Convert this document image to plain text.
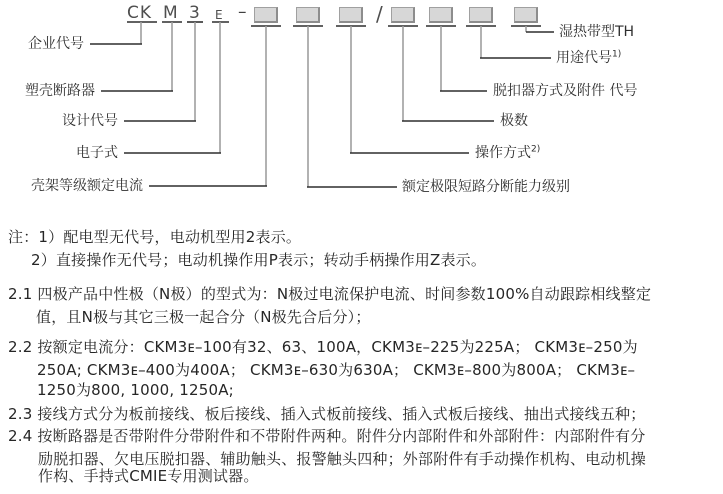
CK M 3 E –	/
企业代号
塑壳断路器
设计代号
电子式
壳架等级额定电流
湿热带型TH
用途代号$^{1)}$
脱扣器方式及附件 代号
极数
操作方式$^{2)}$
额定极限短路分断能力级别
注：1）配电型无代号，电动机型用2表示。
2）直接操作无代号；电动机操作用P表示；转动手柄操作用Z表示。
2.1 四极产品中性极（N极）的型式为：N极过电流保护电流、时间参数100%自动跟踪相线整定
值，且N极与其它三极一起合分（N极先合后分）；
2.2 按额定电流分：CKM3ᴇ–100有32、63、100A，CKM3ᴇ–225为225A； CKM3ᴇ–250为
250A; CKM3ᴇ–400为400A； CKM3ᴇ–630为630A； CKM3ᴇ–800为800A； CKM3ᴇ–
1250为800, 1000, 1250A;
2.3 接线方式分为板前接线、板后接线、插入式板前接线、插入式板后接线、抽出式接线五种；
2.4 按断路器是否带附件分带附件和不带附件两种。附件分内部附件和外部附件：内部附件有分
励脱扣器、欠电压脱扣器、辅助触头、报警触头四种；外部附件有手动操作机构、电动机操
作构、手持式CMIE专用测试器。
